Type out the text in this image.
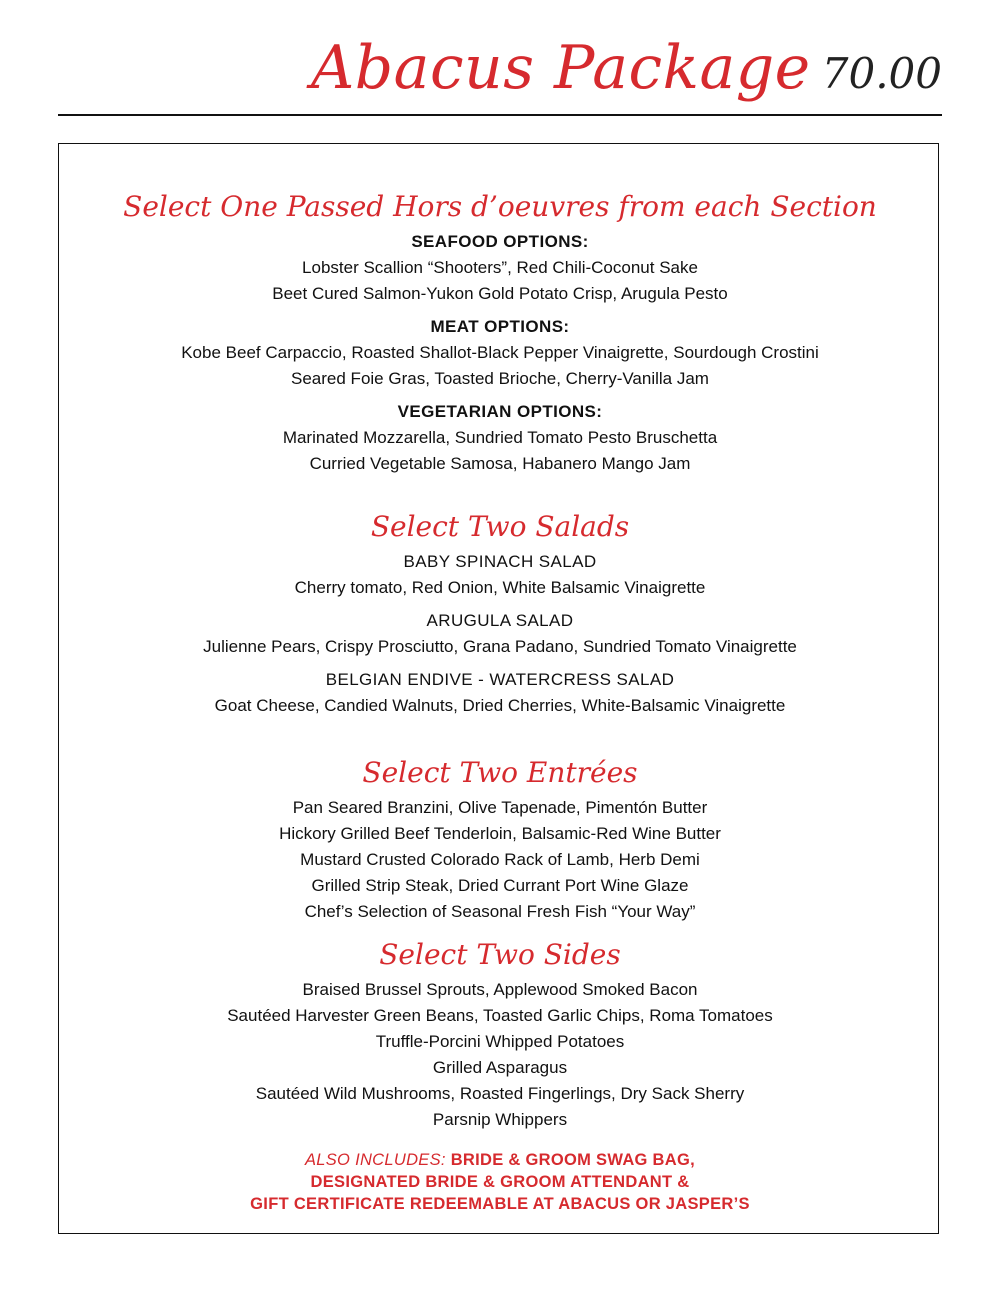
Abacus Package 70.00
Select One Passed Hors d’oeuvres from each Section
SEAFOOD OPTIONS:
Lobster Scallion “Shooters”, Red Chili-Coconut Sake
Beet Cured Salmon-Yukon Gold Potato Crisp, Arugula Pesto
MEAT OPTIONS:
Kobe Beef Carpaccio, Roasted Shallot-Black Pepper Vinaigrette, Sourdough Crostini
Seared Foie Gras, Toasted Brioche, Cherry-Vanilla Jam
VEGETARIAN OPTIONS:
Marinated Mozzarella, Sundried Tomato Pesto Bruschetta
Curried Vegetable Samosa, Habanero Mango Jam
Select Two Salads
BABY SPINACH SALAD
Cherry tomato, Red Onion, White Balsamic Vinaigrette
ARUGULA SALAD
Julienne Pears, Crispy Prosciutto, Grana Padano, Sundried Tomato Vinaigrette
BELGIAN ENDIVE - WATERCRESS SALAD
Goat Cheese, Candied Walnuts, Dried Cherries, White-Balsamic Vinaigrette
Select Two Entrées
Pan Seared Branzini, Olive Tapenade, Pimentón Butter
Hickory Grilled Beef Tenderloin, Balsamic-Red Wine Butter
Mustard Crusted Colorado Rack of Lamb, Herb Demi
Grilled Strip Steak, Dried Currant Port Wine Glaze
Chef’s Selection of Seasonal Fresh Fish “Your Way”
Select Two Sides
Braised Brussel Sprouts, Applewood Smoked Bacon
Sautéed Harvester Green Beans, Toasted Garlic Chips, Roma Tomatoes
Truffle-Porcini Whipped Potatoes
Grilled Asparagus
Sautéed Wild Mushrooms, Roasted Fingerlings, Dry Sack Sherry
Parsnip Whippers
ALSO INCLUDES: BRIDE & GROOM SWAG BAG,
DESIGNATED BRIDE & GROOM ATTENDANT &
GIFT CERTIFICATE REDEEMABLE AT ABACUS OR JASPER’S
